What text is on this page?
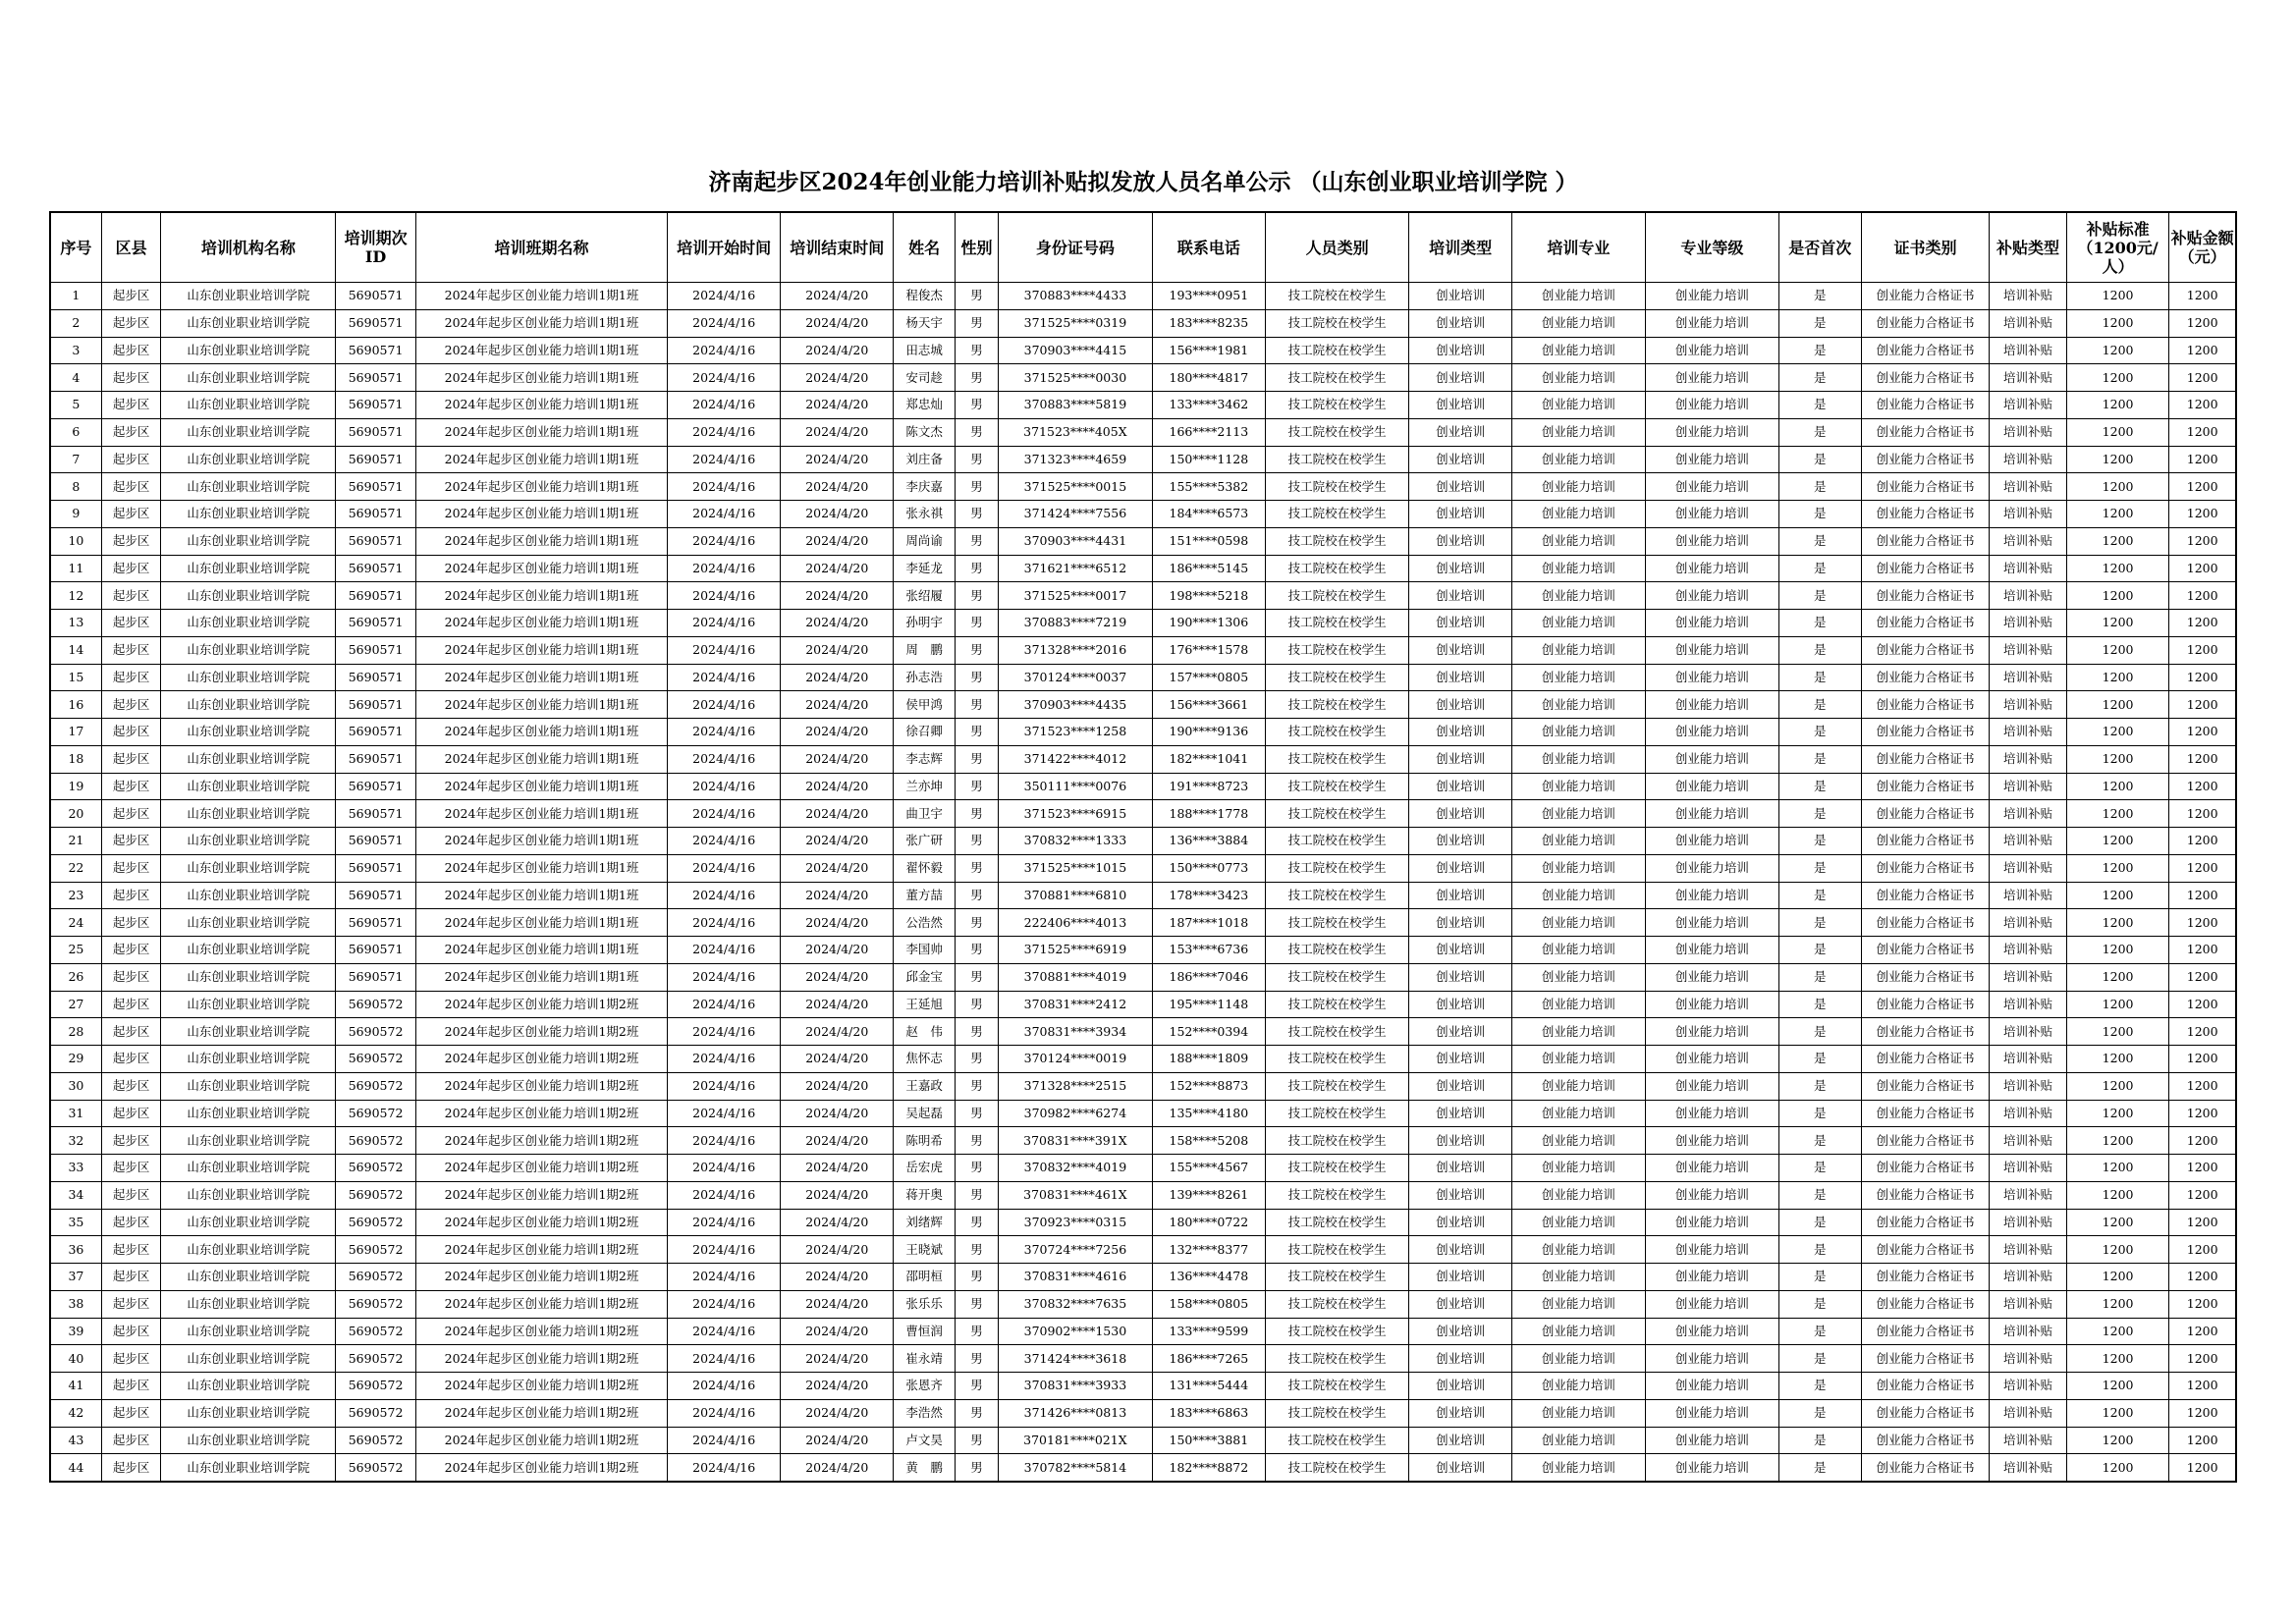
济南起步区2024年创业能力培训补贴拟发放人员名单公示 （山东创业职业培训学院 ）
序号	区县	培训机构名称	培训期次ID	培训班期名称	培训开始时间	培训结束时间	姓名	性别	身份证号码	联系电话	人员类别	培训类型	培训专业	专业等级	是否首次	证书类别	补贴类型	补贴标准（1200元/人）	补贴金额（元）
1	起步区	山东创业职业培训学院	5690571	2024年起步区创业能力培训1期1班	2024/4/16	2024/4/20	程俊杰	男	370883****4433	193****0951	技工院校在校学生	创业培训	创业能力培训	创业能力培训	是	创业能力合格证书	培训补贴	1200	1200
2	起步区	山东创业职业培训学院	5690571	2024年起步区创业能力培训1期1班	2024/4/16	2024/4/20	杨天宇	男	371525****0319	183****8235	技工院校在校学生	创业培训	创业能力培训	创业能力培训	是	创业能力合格证书	培训补贴	1200	1200
3	起步区	山东创业职业培训学院	5690571	2024年起步区创业能力培训1期1班	2024/4/16	2024/4/20	田志城	男	370903****4415	156****1981	技工院校在校学生	创业培训	创业能力培训	创业能力培训	是	创业能力合格证书	培训补贴	1200	1200
4	起步区	山东创业职业培训学院	5690571	2024年起步区创业能力培训1期1班	2024/4/16	2024/4/20	安司趁	男	371525****0030	180****4817	技工院校在校学生	创业培训	创业能力培训	创业能力培训	是	创业能力合格证书	培训补贴	1200	1200
5	起步区	山东创业职业培训学院	5690571	2024年起步区创业能力培训1期1班	2024/4/16	2024/4/20	郑忠灿	男	370883****5819	133****3462	技工院校在校学生	创业培训	创业能力培训	创业能力培训	是	创业能力合格证书	培训补贴	1200	1200
6	起步区	山东创业职业培训学院	5690571	2024年起步区创业能力培训1期1班	2024/4/16	2024/4/20	陈文杰	男	371523****405X	166****2113	技工院校在校学生	创业培训	创业能力培训	创业能力培训	是	创业能力合格证书	培训补贴	1200	1200
7	起步区	山东创业职业培训学院	5690571	2024年起步区创业能力培训1期1班	2024/4/16	2024/4/20	刘庄备	男	371323****4659	150****1128	技工院校在校学生	创业培训	创业能力培训	创业能力培训	是	创业能力合格证书	培训补贴	1200	1200
8	起步区	山东创业职业培训学院	5690571	2024年起步区创业能力培训1期1班	2024/4/16	2024/4/20	李庆嘉	男	371525****0015	155****5382	技工院校在校学生	创业培训	创业能力培训	创业能力培训	是	创业能力合格证书	培训补贴	1200	1200
9	起步区	山东创业职业培训学院	5690571	2024年起步区创业能力培训1期1班	2024/4/16	2024/4/20	张永祺	男	371424****7556	184****6573	技工院校在校学生	创业培训	创业能力培训	创业能力培训	是	创业能力合格证书	培训补贴	1200	1200
10	起步区	山东创业职业培训学院	5690571	2024年起步区创业能力培训1期1班	2024/4/16	2024/4/20	周尚谕	男	370903****4431	151****0598	技工院校在校学生	创业培训	创业能力培训	创业能力培训	是	创业能力合格证书	培训补贴	1200	1200
11	起步区	山东创业职业培训学院	5690571	2024年起步区创业能力培训1期1班	2024/4/16	2024/4/20	李延龙	男	371621****6512	186****5145	技工院校在校学生	创业培训	创业能力培训	创业能力培训	是	创业能力合格证书	培训补贴	1200	1200
12	起步区	山东创业职业培训学院	5690571	2024年起步区创业能力培训1期1班	2024/4/16	2024/4/20	张绍履	男	371525****0017	198****5218	技工院校在校学生	创业培训	创业能力培训	创业能力培训	是	创业能力合格证书	培训补贴	1200	1200
13	起步区	山东创业职业培训学院	5690571	2024年起步区创业能力培训1期1班	2024/4/16	2024/4/20	孙明宇	男	370883****7219	190****1306	技工院校在校学生	创业培训	创业能力培训	创业能力培训	是	创业能力合格证书	培训补贴	1200	1200
14	起步区	山东创业职业培训学院	5690571	2024年起步区创业能力培训1期1班	2024/4/16	2024/4/20	周　鹏	男	371328****2016	176****1578	技工院校在校学生	创业培训	创业能力培训	创业能力培训	是	创业能力合格证书	培训补贴	1200	1200
15	起步区	山东创业职业培训学院	5690571	2024年起步区创业能力培训1期1班	2024/4/16	2024/4/20	孙志浩	男	370124****0037	157****0805	技工院校在校学生	创业培训	创业能力培训	创业能力培训	是	创业能力合格证书	培训补贴	1200	1200
16	起步区	山东创业职业培训学院	5690571	2024年起步区创业能力培训1期1班	2024/4/16	2024/4/20	侯甲鸿	男	370903****4435	156****3661	技工院校在校学生	创业培训	创业能力培训	创业能力培训	是	创业能力合格证书	培训补贴	1200	1200
17	起步区	山东创业职业培训学院	5690571	2024年起步区创业能力培训1期1班	2024/4/16	2024/4/20	徐召卿	男	371523****1258	190****9136	技工院校在校学生	创业培训	创业能力培训	创业能力培训	是	创业能力合格证书	培训补贴	1200	1200
18	起步区	山东创业职业培训学院	5690571	2024年起步区创业能力培训1期1班	2024/4/16	2024/4/20	李志辉	男	371422****4012	182****1041	技工院校在校学生	创业培训	创业能力培训	创业能力培训	是	创业能力合格证书	培训补贴	1200	1200
19	起步区	山东创业职业培训学院	5690571	2024年起步区创业能力培训1期1班	2024/4/16	2024/4/20	兰亦坤	男	350111****0076	191****8723	技工院校在校学生	创业培训	创业能力培训	创业能力培训	是	创业能力合格证书	培训补贴	1200	1200
20	起步区	山东创业职业培训学院	5690571	2024年起步区创业能力培训1期1班	2024/4/16	2024/4/20	曲卫宇	男	371523****6915	188****1778	技工院校在校学生	创业培训	创业能力培训	创业能力培训	是	创业能力合格证书	培训补贴	1200	1200
21	起步区	山东创业职业培训学院	5690571	2024年起步区创业能力培训1期1班	2024/4/16	2024/4/20	张广研	男	370832****1333	136****3884	技工院校在校学生	创业培训	创业能力培训	创业能力培训	是	创业能力合格证书	培训补贴	1200	1200
22	起步区	山东创业职业培训学院	5690571	2024年起步区创业能力培训1期1班	2024/4/16	2024/4/20	翟怀毅	男	371525****1015	150****0773	技工院校在校学生	创业培训	创业能力培训	创业能力培训	是	创业能力合格证书	培训补贴	1200	1200
23	起步区	山东创业职业培训学院	5690571	2024年起步区创业能力培训1期1班	2024/4/16	2024/4/20	董方喆	男	370881****6810	178****3423	技工院校在校学生	创业培训	创业能力培训	创业能力培训	是	创业能力合格证书	培训补贴	1200	1200
24	起步区	山东创业职业培训学院	5690571	2024年起步区创业能力培训1期1班	2024/4/16	2024/4/20	公浩然	男	222406****4013	187****1018	技工院校在校学生	创业培训	创业能力培训	创业能力培训	是	创业能力合格证书	培训补贴	1200	1200
25	起步区	山东创业职业培训学院	5690571	2024年起步区创业能力培训1期1班	2024/4/16	2024/4/20	李国帅	男	371525****6919	153****6736	技工院校在校学生	创业培训	创业能力培训	创业能力培训	是	创业能力合格证书	培训补贴	1200	1200
26	起步区	山东创业职业培训学院	5690571	2024年起步区创业能力培训1期1班	2024/4/16	2024/4/20	邱金宝	男	370881****4019	186****7046	技工院校在校学生	创业培训	创业能力培训	创业能力培训	是	创业能力合格证书	培训补贴	1200	1200
27	起步区	山东创业职业培训学院	5690572	2024年起步区创业能力培训1期2班	2024/4/16	2024/4/20	王延旭	男	370831****2412	195****1148	技工院校在校学生	创业培训	创业能力培训	创业能力培训	是	创业能力合格证书	培训补贴	1200	1200
28	起步区	山东创业职业培训学院	5690572	2024年起步区创业能力培训1期2班	2024/4/16	2024/4/20	赵　伟	男	370831****3934	152****0394	技工院校在校学生	创业培训	创业能力培训	创业能力培训	是	创业能力合格证书	培训补贴	1200	1200
29	起步区	山东创业职业培训学院	5690572	2024年起步区创业能力培训1期2班	2024/4/16	2024/4/20	焦怀志	男	370124****0019	188****1809	技工院校在校学生	创业培训	创业能力培训	创业能力培训	是	创业能力合格证书	培训补贴	1200	1200
30	起步区	山东创业职业培训学院	5690572	2024年起步区创业能力培训1期2班	2024/4/16	2024/4/20	王嘉政	男	371328****2515	152****8873	技工院校在校学生	创业培训	创业能力培训	创业能力培训	是	创业能力合格证书	培训补贴	1200	1200
31	起步区	山东创业职业培训学院	5690572	2024年起步区创业能力培训1期2班	2024/4/16	2024/4/20	吴起磊	男	370982****6274	135****4180	技工院校在校学生	创业培训	创业能力培训	创业能力培训	是	创业能力合格证书	培训补贴	1200	1200
32	起步区	山东创业职业培训学院	5690572	2024年起步区创业能力培训1期2班	2024/4/16	2024/4/20	陈明希	男	370831****391X	158****5208	技工院校在校学生	创业培训	创业能力培训	创业能力培训	是	创业能力合格证书	培训补贴	1200	1200
33	起步区	山东创业职业培训学院	5690572	2024年起步区创业能力培训1期2班	2024/4/16	2024/4/20	岳宏虎	男	370832****4019	155****4567	技工院校在校学生	创业培训	创业能力培训	创业能力培训	是	创业能力合格证书	培训补贴	1200	1200
34	起步区	山东创业职业培训学院	5690572	2024年起步区创业能力培训1期2班	2024/4/16	2024/4/20	蒋开奥	男	370831****461X	139****8261	技工院校在校学生	创业培训	创业能力培训	创业能力培训	是	创业能力合格证书	培训补贴	1200	1200
35	起步区	山东创业职业培训学院	5690572	2024年起步区创业能力培训1期2班	2024/4/16	2024/4/20	刘绪辉	男	370923****0315	180****0722	技工院校在校学生	创业培训	创业能力培训	创业能力培训	是	创业能力合格证书	培训补贴	1200	1200
36	起步区	山东创业职业培训学院	5690572	2024年起步区创业能力培训1期2班	2024/4/16	2024/4/20	王晓斌	男	370724****7256	132****8377	技工院校在校学生	创业培训	创业能力培训	创业能力培训	是	创业能力合格证书	培训补贴	1200	1200
37	起步区	山东创业职业培训学院	5690572	2024年起步区创业能力培训1期2班	2024/4/16	2024/4/20	邵明桓	男	370831****4616	136****4478	技工院校在校学生	创业培训	创业能力培训	创业能力培训	是	创业能力合格证书	培训补贴	1200	1200
38	起步区	山东创业职业培训学院	5690572	2024年起步区创业能力培训1期2班	2024/4/16	2024/4/20	张乐乐	男	370832****7635	158****0805	技工院校在校学生	创业培训	创业能力培训	创业能力培训	是	创业能力合格证书	培训补贴	1200	1200
39	起步区	山东创业职业培训学院	5690572	2024年起步区创业能力培训1期2班	2024/4/16	2024/4/20	曹恒润	男	370902****1530	133****9599	技工院校在校学生	创业培训	创业能力培训	创业能力培训	是	创业能力合格证书	培训补贴	1200	1200
40	起步区	山东创业职业培训学院	5690572	2024年起步区创业能力培训1期2班	2024/4/16	2024/4/20	崔永靖	男	371424****3618	186****7265	技工院校在校学生	创业培训	创业能力培训	创业能力培训	是	创业能力合格证书	培训补贴	1200	1200
41	起步区	山东创业职业培训学院	5690572	2024年起步区创业能力培训1期2班	2024/4/16	2024/4/20	张恩齐	男	370831****3933	131****5444	技工院校在校学生	创业培训	创业能力培训	创业能力培训	是	创业能力合格证书	培训补贴	1200	1200
42	起步区	山东创业职业培训学院	5690572	2024年起步区创业能力培训1期2班	2024/4/16	2024/4/20	李浩然	男	371426****0813	183****6863	技工院校在校学生	创业培训	创业能力培训	创业能力培训	是	创业能力合格证书	培训补贴	1200	1200
43	起步区	山东创业职业培训学院	5690572	2024年起步区创业能力培训1期2班	2024/4/16	2024/4/20	卢文昊	男	370181****021X	150****3881	技工院校在校学生	创业培训	创业能力培训	创业能力培训	是	创业能力合格证书	培训补贴	1200	1200
44	起步区	山东创业职业培训学院	5690572	2024年起步区创业能力培训1期2班	2024/4/16	2024/4/20	黄　鹏	男	370782****5814	182****8872	技工院校在校学生	创业培训	创业能力培训	创业能力培训	是	创业能力合格证书	培训补贴	1200	1200
